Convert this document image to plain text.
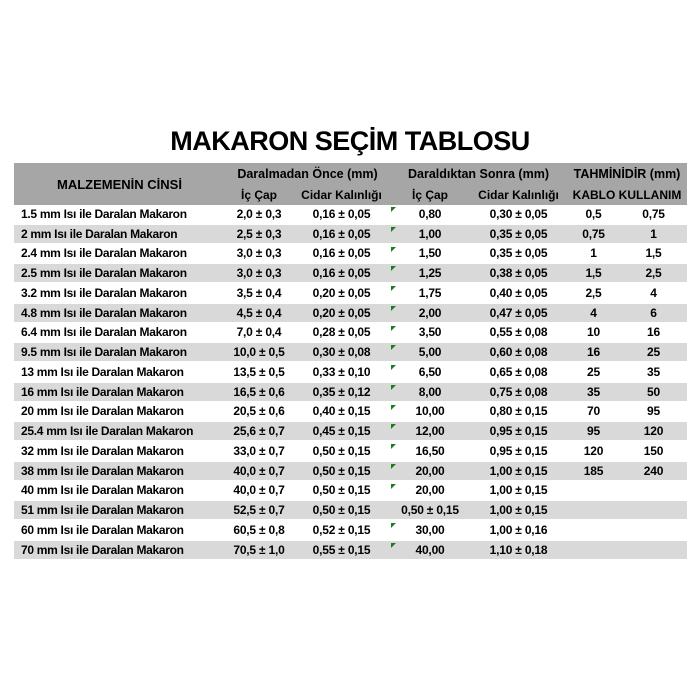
MAKARON SEÇİM TABLOSU
MALZEMENİN CİNSİ
Daralmadan Önce (mm)
İç Çap	Cidar Kalınlığı
Daraldıktan Sonra (mm)
İç Çap	Cidar Kalınlığı
TAHMİNİDİR (mm)
KABLO KULLANIM
1.5 mm Isı ile Daralan Makaron	2,0 ± 0,3	0,16 ± 0,05	0,80	0,30 ± 0,05	0,5	0,75
2 mm Isı ile Daralan Makaron	2,5 ± 0,3	0,16 ± 0,05	1,00	0,35 ± 0,05	0,75	1
2.4 mm Isı ile Daralan Makaron	3,0 ± 0,3	0,16 ± 0,05	1,50	0,35 ± 0,05	1	1,5
2.5 mm Isı ile Daralan Makaron	3,0 ± 0,3	0,16 ± 0,05	1,25	0,38 ± 0,05	1,5	2,5
3.2 mm Isı ile Daralan Makaron	3,5 ± 0,4	0,20 ± 0,05	1,75	0,40 ± 0,05	2,5	4
4.8 mm Isı ile Daralan Makaron	4,5 ± 0,4	0,20 ± 0,05	2,00	0,47 ± 0,05	4	6
6.4 mm Isı ile Daralan Makaron	7,0 ± 0,4	0,28 ± 0,05	3,50	0,55 ± 0,08	10	16
9.5 mm Isı ile Daralan Makaron	10,0 ± 0,5	0,30 ± 0,08	5,00	0,60 ± 0,08	16	25
13 mm Isı ile Daralan Makaron	13,5 ± 0,5	0,33 ± 0,10	6,50	0,65 ± 0,08	25	35
16 mm Isı ile Daralan Makaron	16,5 ± 0,6	0,35 ± 0,12	8,00	0,75 ± 0,08	35	50
20 mm Isı ile Daralan Makaron	20,5 ± 0,6	0,40 ± 0,15	10,00	0,80 ± 0,15	70	95
25.4 mm Isı ile Daralan Makaron	25,6 ± 0,7	0,45 ± 0,15	12,00	0,95 ± 0,15	95	120
32 mm Isı ile Daralan Makaron	33,0 ± 0,7	0,50 ± 0,15	16,50	0,95 ± 0,15	120	150
38 mm Isı ile Daralan Makaron	40,0 ± 0,7	0,50 ± 0,15	20,00	1,00 ± 0,15	185	240
40 mm Isı ile Daralan Makaron	40,0 ± 0,7	0,50 ± 0,15	20,00	1,00 ± 0,15
51 mm Isı ile Daralan Makaron	52,5 ± 0,7	0,50 ± 0,15	0,50 ± 0,15	1,00 ± 0,15
60 mm Isı ile Daralan Makaron	60,5 ± 0,8	0,52 ± 0,15	30,00	1,00 ± 0,16
70 mm Isı ile Daralan Makaron	70,5 ± 1,0	0,55 ± 0,15	40,00	1,10 ± 0,18
